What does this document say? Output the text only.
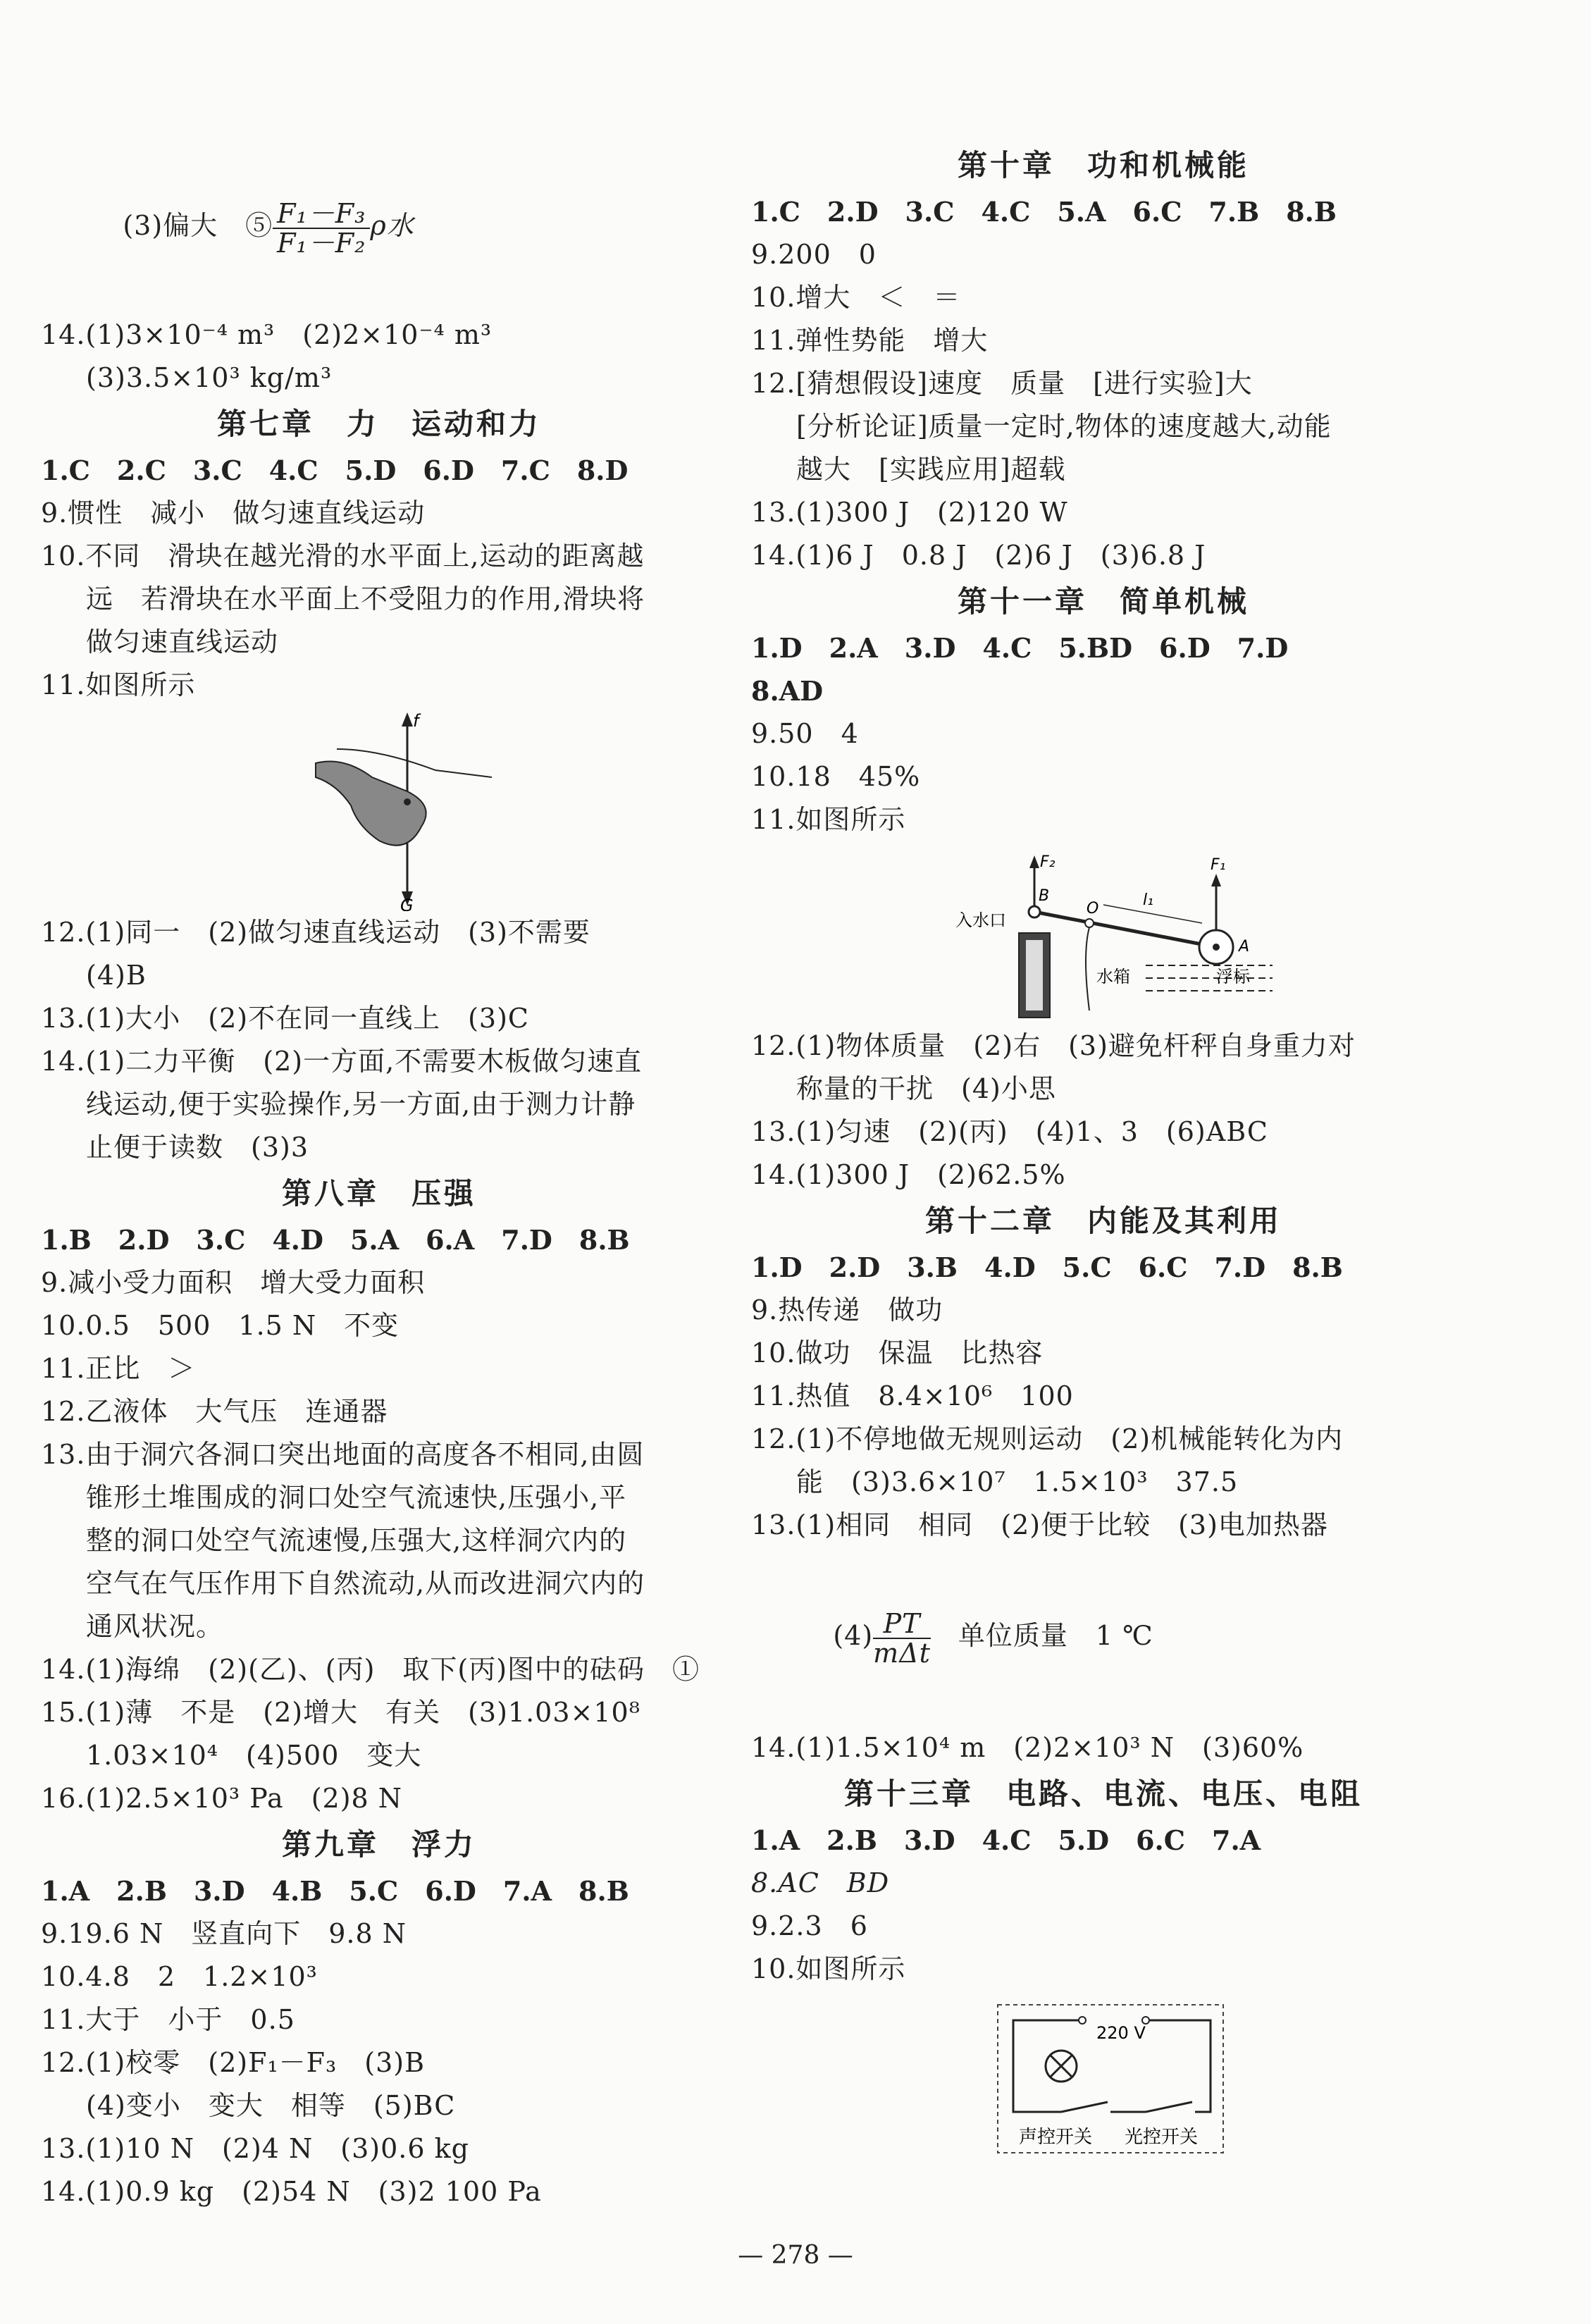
(3)偏大　⑤ $\frac{\text{F₁－F₃}}{\text{F₁－F₂}}$ ρ水

14.(1)3×10⁻⁴ m³　(2)2×10⁻⁴ m³
(3)3.5×10³ kg/m³
第七章　力　运动和力
1.C　2.C　3.C　4.C　5.D　6.D　7.C　8.D
9.惯性　减小　做匀速直线运动
10.不同　滑块在越光滑的水平面上,运动的距离越
远　若滑块在水平面上不受阻力的作用,滑块将
做匀速直线运动
11.如图所示
f
G
12.(1)同一　(2)做匀速直线运动　(3)不需要
(4)B
13.(1)大小　(2)不在同一直线上　(3)C
14.(1)二力平衡　(2)一方面,不需要木板做匀速直
线运动,便于实验操作,另一方面,由于测力计静
止便于读数　(3)3
第八章　压强
1.B　2.D　3.C　4.D　5.A　6.A　7.D　8.B
9.减小受力面积　增大受力面积
10.0.5　500　1.5 N　不变
11.正比　＞
12.乙液体　大气压　连通器
13.由于洞穴各洞口突出地面的高度各不相同,由圆
锥形土堆围成的洞口处空气流速快,压强小,平
整的洞口处空气流速慢,压强大,这样洞穴内的
空气在气压作用下自然流动,从而改进洞穴内的
通风状况。
14.(1)海绵　(2)(乙)、(丙)　取下(丙)图中的砝码　①
15.(1)薄　不是　(2)增大　有关　(3)1.03×10⁸
1.03×10⁴　(4)500　变大
16.(1)2.5×10³ Pa　(2)8 N
第九章　浮力
1.A　2.B　3.D　4.B　5.C　6.D　7.A　8.B
9.19.6 N　竖直向下　9.8 N
10.4.8　2　1.2×10³
11.大于　小于　0.5
12.(1)校零　(2)F₁－F₃　(3)B
(4)变小　变大　相等　(5)BC
13.(1)10 N　(2)4 N　(3)0.6 kg
14.(1)0.9 kg　(2)54 N　(3)2 100 Pa
第十章　功和机械能
1.C　2.D　3.C　4.C　5.A　6.C　7.B　8.B
9.200　0
10.增大　＜　＝
11.弹性势能　增大
12.[猜想假设]速度　质量　[进行实验]大
[分析论证]质量一定时,物体的速度越大,动能
越大　[实践应用]超载
13.(1)300 J　(2)120 W
14.(1)6 J　0.8 J　(2)6 J　(3)6.8 J
第十一章　简单机械
1.D　2.A　3.D　4.C　5.BD　6.D　7.D
8.AD
9.50　4
10.18　45%
11.如图所示
F₂
B
O	l₁
F₁
A
入水口
水箱	浮标
12.(1)物体质量　(2)右　(3)避免杆秤自身重力对
称量的干扰　(4)小思
13.(1)匀速　(2)(丙)　(4)1、3　(6)ABC
14.(1)300 J　(2)62.5%
第十二章　内能及其利用
1.D　2.D　3.B　4.D　5.C　6.C　7.D　8.B
9.热传递　做功
10.做功　保温　比热容
11.热值　8.4×10⁶　100
12.(1)不停地做无规则运动　(2)机械能转化为内
能　(3)3.6×10⁷　1.5×10³　37.5
13.(1)相同　相同　(2)便于比较　(3)电加热器

$(4) \frac{PT}{\text{mΔt}}$ 　单位质量　1 ℃

14.(1)1.5×10⁴ m　(2)2×10³ N　(3)60%
第十三章　电路、电流、电压、电阻
1.A　2.B　3.D　4.C　5.D　6.C　7.A
8.AC　BD
9.2.3　6
10.如图所示
220 V
声控开关 光控开关
— 278 —
